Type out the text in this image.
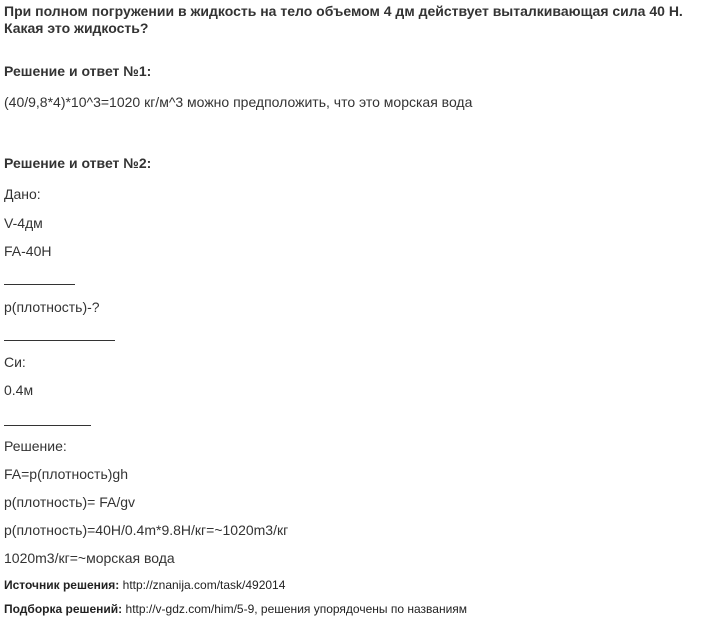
При полном погружении в жидкость на тело объемом 4 дм действует выталкивающая сила 40 Н.
Какая это жидкость?
Решение и ответ №1:
(40/9,8*4)*10^3=1020 кг/м^3 можно предположить, что это морская вода
Решение и ответ №2:
Дано:
V-4дм
FA-40H
p(плотность)-?
Си:
0.4м
Решение:
FA=p(плотность)gh
p(плотность)= FA/gv
p(плотность)=40Н/0.4m*9.8H/кг=~1020m3/кг
1020m3/кг=~морская вода
Источник решения: http://znanija.com/task/492014
Подборка решений: http://v-gdz.com/him/5-9, решения упорядочены по названиям
